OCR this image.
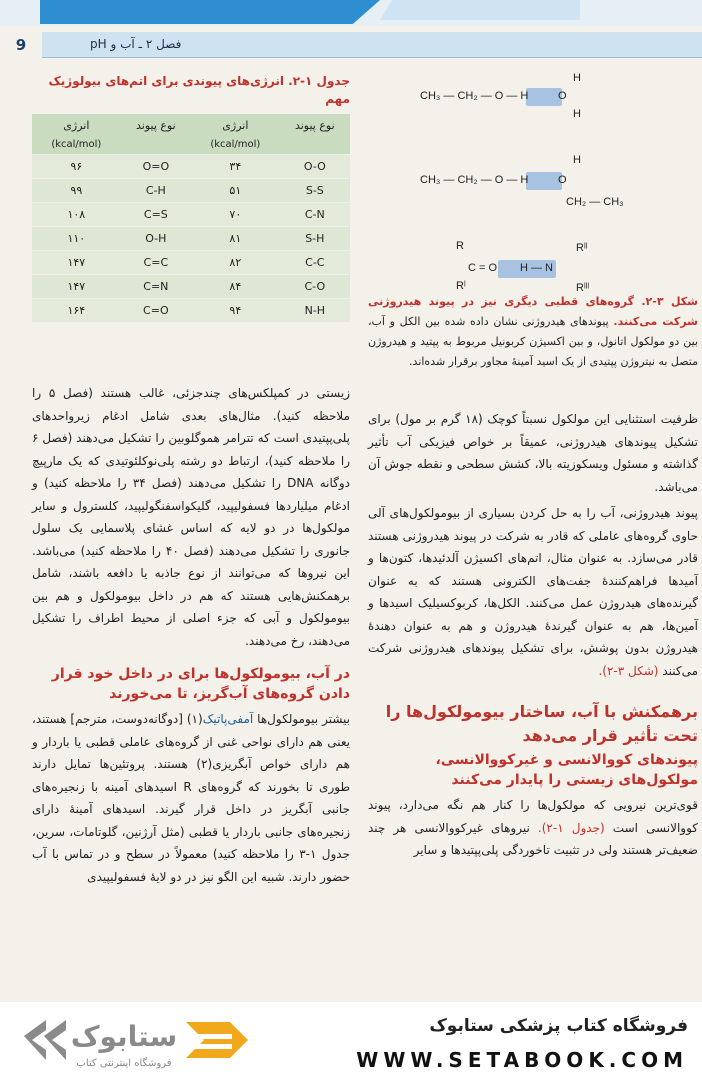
9	فصل ۲ ـ آب و pH
جدول ۱-۲. انرژی‌های پیوندی برای اتم‌های بیولوژیک مهم
نوع پیوند	انرژی	نوع پیوند	انرژی
	(kcal/mol)		(kcal/mol)
O-O	۳۴	O=O	۹۶
S-S	۵۱	C-H	۹۹
C-N	۷۰	C=S	۱۰۸
S-H	۸۱	O-H	۱۱۰
C-C	۸۲	C=C	۱۴۷
C-O	۸۴	C=N	۱۴۷
N-H	۹۴	C=O	۱۶۴

زیستی در کمپلکس‌های چندجزئی، غالب هستند (فصل ۵ را ملاحظه کنید). مثال‌های بعدی شامل ادغام زیرواحدهای پلی‌پپتیدی است که تترامر هموگلوبین را تشکیل می‌دهند (فصل ۶ را ملاحظه کنید)، ارتباط دو رشته پلی‌نوکلئوتیدی که یک مارپیچ دوگانه DNA را تشکیل می‌دهند (فصل ۳۴ را ملاحظه کنید) و ادغام میلیاردها فسفولیپید، گلیکواسفنگولیپید، کلسترول و سایر مولکول‌ها در دو لایه که اساس غشای پلاسمایی یک سلول جانوری را تشکیل می‌دهند (فصل ۴۰ را ملاحظه کنید) می‌باشد. این نیروها که می‌توانند از نوع جاذبه یا دافعه باشند، شامل برهمکنش‌هایی هستند که هم در داخل بیومولکول و هم بین بیومولکول و آبی که جزء اصلی از محیط اطراف را تشکیل می‌دهند، رخ می‌دهند.

در آب، بیومولکول‌ها برای در داخل خود قرار دادن گروه‌های آب‌گریز، تا می‌خورند

بیشتر بیومولکول‌ها آمفی‌پاتیک(۱) [دوگانه‌دوست، مترجم] هستند، یعنی هم دارای نواحی غنی از گروه‌های عاملی قطبی یا باردار و هم دارای خواص آبگریزی(۲) هستند. پروتئین‌ها تمایل دارند طوری تا بخورند که گروه‌های R اسیدهای آمینه با زنجیره‌های جانبی آبگریز در داخل قرار گیرند. اسیدهای آمینهٔ دارای زنجیره‌های جانبی باردار یا قطبی (مثل آرژنین، گلوتامات، سرین، جدول ۱-۳ را ملاحظه کنید) معمولاً در سطح و در تماس با آب حضور دارند. شبیه این الگو نیز در دو لایهٔ فسفولیپیدی

CH₃ — CH₂ — O — H	O
H
H
CH₃ — CH₂ — O — H	O
H
CH₂ — CH₃
R
Rˡ
C = O H — N
Rˡˡ
Rˡˡˡ
شکل ۳-۲. گروه‌های قطبی دیگری نیز در پیوند هیدروژنی شرکت می‌کنند. پیوندهای هیدروژنی نشان داده شده بین الکل و آب، بین دو مولکول اتانول، و بین اکسیژن کربونیل مربوط به پپتید و هیدروژن متصل به نیتروژن پپتیدی از یک اسید آمینهٔ مجاور برقرار شده‌اند.

ظرفیت استثنایی این مولکول نسبتاً کوچک (۱۸ گرم بر مول) برای تشکیل پیوندهای هیدروژنی، عمیقاً بر خواص فیزیکی آب تأثیر گذاشته و مسئول ویسکوزیته بالا، کشش سطحی و نقطه جوش آن می‌باشد.

پیوند هیدروژنی، آب را به حل کردن بسیاری از بیومولکول‌های آلی حاوی گروه‌های عاملی که قادر به شرکت در پیوند هیدروژنی هستند قادر می‌سازد. به عنوان مثال، اتم‌های اکسیژن آلدئیدها، کتون‌ها و آمیدها فراهم‌کنندهٔ جفت‌های الکترونی هستند که به عنوان گیرنده‌های هیدروژن عمل می‌کنند. الکل‌ها، کربوکسیلیک اسیدها و آمین‌ها، هم به عنوان گیرندهٔ هیدروژن و هم به عنوان دهندهٔ هیدروژن بدون پوشش، برای تشکیل پیوندهای هیدروژنی شرکت می‌کنند (شکل ۳-۲).

برهمکنش با آب، ساختار بیومولکول‌ها را تحت تأثیر قرار می‌دهد
پیوندهای کووالانسی و غیرکووالانسی، مولکول‌های زیستی را پایدار می‌کنند

قوی‌ترین نیرویی که مولکول‌ها را کنار هم نگه می‌دارد، پیوند کووالانسی است (جدول ۱-۲). نیروهای غیرکووالانسی هر چند ضعیف‌تر هستند ولی در تثبیت تاخوردگی پلی‌پپتیدها و سایر

ستابوک
فروشگاه اینترنتی کتاب
فروشگاه کتاب پزشکی ستابوک
WWW.SETABOOK.COM
